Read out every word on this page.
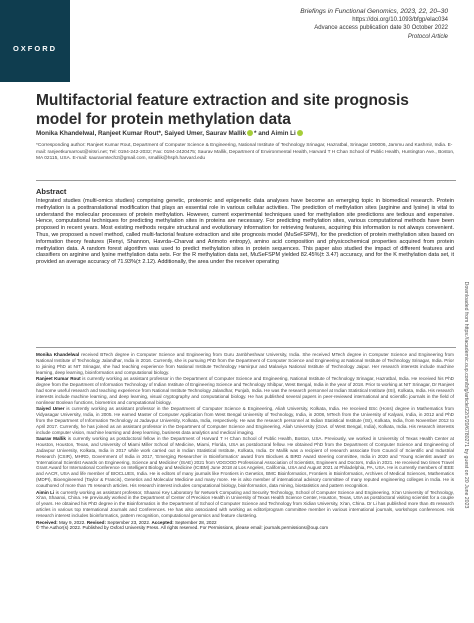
OXFORD
Briefings in Functional Genomics, 2023, 22, 20–30
https://doi.org/10.1093/bfgp/elac034
Advance access publication date 30 October 2022
Protocol Article
Multifactorial feature extraction and site prognosis model for protein methylation data
Monika Khandelwal, Ranjeet Kumar Rout*, Saiyed Umer, Saurav Mallik * and Aimin Li

*Corresponding author: Ranjeet Kumar Rout, Department of Computer Science & Engineering, National Institute of Technology Srinagar, Hazratbal, Srinagar 190006, Jammu and Kashmir, India. E-mail: ranjeetkumarrout@nitsri.net; Tel: 0194-242-2032; Fax: 0194-2420475; Saurav Mallik, Department of Environmental Health, Harvard T H Chan School of Public Health, Huntington Ave., Boston, MA 02115, USA. E-mail: sauravmtech2@gmail.com, smallik@hsph.harvard.edu

Abstract

Integrated studies (multi-omics studies) comprising genetic, proteomic and epigenetic data analyses have become an emerging topic in biomedical research. Protein methylation is a posttranslational modification that plays an essential role in various cellular activities. The prediction of methylation sites (arginine and lysine) is vital to understand the molecular processes of protein methylation. However, current experimental techniques used for methylation site predictions are tedious and expensive. Hence, computational techniques for predicting methylation sites in proteins are necessary. For predicting methylation sites, various computational methods have been proposed in recent years. Most existing methods require structural and evolutionary information for retrieving features, acquiring this information is not always convenient. Thus, we proposed a novel method, called multi-factorial feature extraction and site prognosis model (MuSeFSPM), for the prediction of protein methylation sites based on information theory features (Renyi, Shannon, Havrda–Charvat and Arimoto entropy), amino acid composition and physicochemical properties acquired from protein methylation data. A random forest algorithm was used to predict methylation sites in protein sequences. This paper also studied the impact of different features and classifiers on arginine and lysine methylation data sets. For the R methylation data set, MuSeFSPM yielded 82.45%(± 3.47) accuracy, and for the K methylation data set, it provided an average accuracy of 71.93%(± 2.12). Additionally, the area under the receiver operating

Monika Khandelwal received BTech degree in Computer Science and Engineering from Guru Jambheshwar University, India. She received MTech degree in Computer Science and Engineering from National Institute of Technology Jalandhar, India in 2016. Currently, she is pursuing PhD from the Department of Computer Science and Engineering at National Institute of Technology Srinagar, India. Prior to joining PhD at NIT Srinagar, she had teaching experience from National Institute Technology Hamirpur and Malaviya National Institute of Technology Jaipur. Her research interests include machine learning, deep learning, bioinformatics and computational biology.

Ranjeet Kumar Rout is currently working as assistant professor in the Department of Computer Science and Engineering, National Institute of Technology Srinagar, Hazratbal, India. He received his PhD degree from the Department of Information Technology of Indian Institute of Engineering Science and Technology Shibpur, West Bengal, India in the year of 2018. Prior to working at NIT Srinagar, Dr Ranjeet had some useful research and teaching experience from National Institute Technology Jalandhar, Punjab, India. He was the research personnel at Indian Statistical Institute (ISI), Kolkata, India. His research interests include machine learning, and deep learning, visual cryptography and computational biology. He has published several papers in peer-reviewed international and scientific journals in the field of nonlinear Boolean functions, biometrics and computational biology.

Saiyed Umer is currently working as assistant professor in the Department of Computer Science & Engineering, Aliah University, Kolkata, India. He received BSc (Hons) degree in Mathematics from Vidyasagar University, India, in 2005. He earned Master of Computer Application from West Bengal University of Technology, India, in 2008, MTech from the University of Kalyani, India, in 2012 and PhD from the Department of Information Technology at Jadavpur University, Kolkata, India, respectively. He was the research personnel at Indian Statistical Institute (ISI), Kolkata, India, from November 2012 to April 2017. Currently, he has joined as an assistant professor in the Department of Computer Science and Engineering, Aliah University (Govt. of West Bengal, India), Kolkata, India. His research interests include computer vision, machine learning and deep learning, business data analytics and medical imaging.

Saurav Mallik is currently working as postdoctoral fellow in the Department of Harvard T H Chan School of Public Health, Boston, USA. Previously, we worked in University of Texas Health Center at Houston, Houston, Texas, and University of Miami Miller School of Medicine, Miami, Florida, USA as postdoctoral fellow. He obtained PhD from the Department of Computer Science and Engineering of Jadavpur University, Kolkata, India in 2017 while work carried out in Indian Statistical Institute, Kolkata, India. Dr Mallik was a recipient of research associate from Council of Scientific and Industrial Research (CSIR), MHRD, Government of India in 2017, 'Emerging Researcher in Bioinformatics' award from Bioclues & BIRD Award steering committee, India in 2020 and 'Young scientist award' on 'International Scientist Awards on Engineering, Science and Medicine' (ISAE) 2021 from VDGOOD Professional Association of Scientists, Engineers and Doctors, India in 2021. He received two times Travel Grant Award for International Conference on Intelligent Biology and Medicine (ICIBM) June 2018 at Los Angeles, California, USA and August 2021 at Philadelphia, PA, USA. He is currently members of IEEE and AACR, USA and life member of BIOCLUES, India. He is editors of many journals like Frontiers in Genetics, BMC Bioinformatics, Frontiers in Bioinformatics, Archives of Medical Sciences, Mathematics (MDPI), Bioengineered (Taylor & Francis), Genetics and Molecular Medicine and many more. He is also member of international advisory committee of many reputed engineering colleges in India. He is coauthored of more than 75 research articles. His research interest includes computational biology, bioinformatics, data mining, biostatistics and pattern recognition.

Aimin Li is currently working as assistant professor, Shaanxi Key Laboratory for Network Computing and Security Technology, School of Computer Science and Engineering, Xi'an University of Technology, Xi'an, Shaanxi, China. He previously worked in the Department of Center of Precision Health in University of Texas Health Science Center, Houston, Texas, USA as postdoctoral visiting scientist for a couple of years. He obtained his PhD degree in the Bioinformatics in the Department of School of Computer Science and Technology from Xidian University, Xi'an, China. Dr Li has published more than 45 research articles in various top International Journals and Conferences. He has also associated with working as editor/program committee member in various international journals, workshops conferences. His research interest includes bioinformatics, pattern recognition, computational genomics and feature clustering.

Received: May 9, 2022. Revised: September 23, 2022. Accepted: September 28, 2022

© The Author(s) 2022. Published by Oxford University Press. All rights reserved. For Permissions, please email: journals.permissions@oup.com

Downloaded from https://academic.oup.com/bfg/article/22/1/20/6780271 by guest on 20 June 2023
